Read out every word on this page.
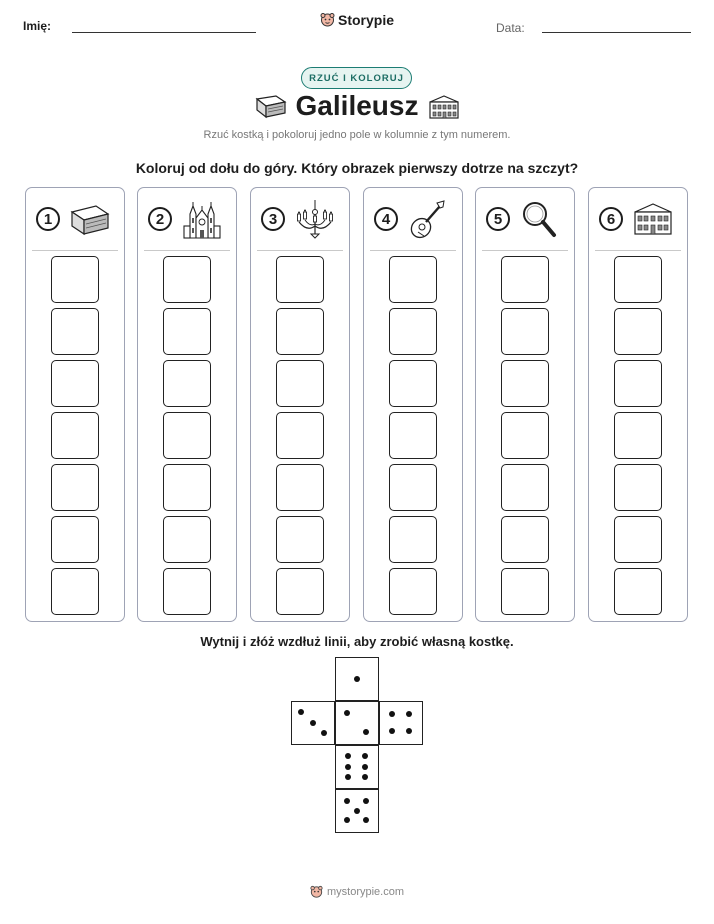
Imię:	Storypie	Data:
RZUĆ I KOLORUJ
Galileusz
Rzuć kostką i pokoloruj jedno pole w kolumnie z tym numerem.
Koloruj od dołu do góry. Który obrazek pierwszy dotrze na szczyt?
1	2	3	4	5	6
Wytnij i złóż wzdłuż linii, aby zrobić własną kostkę.
mystorypie.com
